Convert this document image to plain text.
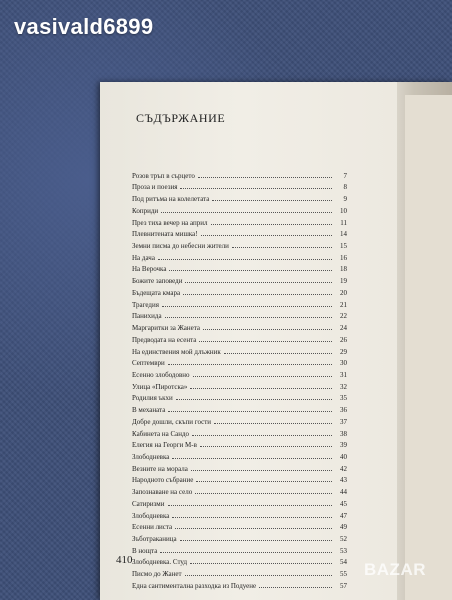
vasivald6899
СЪДЪРЖАНИЕ
Розов тръп в сърцето	7
Проза и поезия	8
Под ритъма на колелетата	9
Коприди	10
През тиха вечер на април	11
Плевнитената мишка!	14
Земни писма до небесни жители	15
На дача	16
На Верочка	18
Божите заповеди	19
Бъдещата кмара	20
Трагедия	21
Панихида	22
Маргаритки за Жанета	24
Предводата на есента	26
На единствения мой длъжник	29
Септември	30
Есенно злободовно	31
Улица «Пиротска»	32
Родилия ъкхи	35
В механата	36
Добре дошли, скъпи гости	37
Кабинета на Сандо	38
Елегия на Георги М-в	39
Злободневка	40
Везните на морала	42
Народното събрание	43
Запознаване на село	44
Сатиризми	45
Злободневка	47
Есенни листа	49
Зъботраканица	52
В нощта	53
Злободневка. Студ	54
Писмо до Жанет	55
Една сантиментална разходка из Подуене	57
410	BAZAR
